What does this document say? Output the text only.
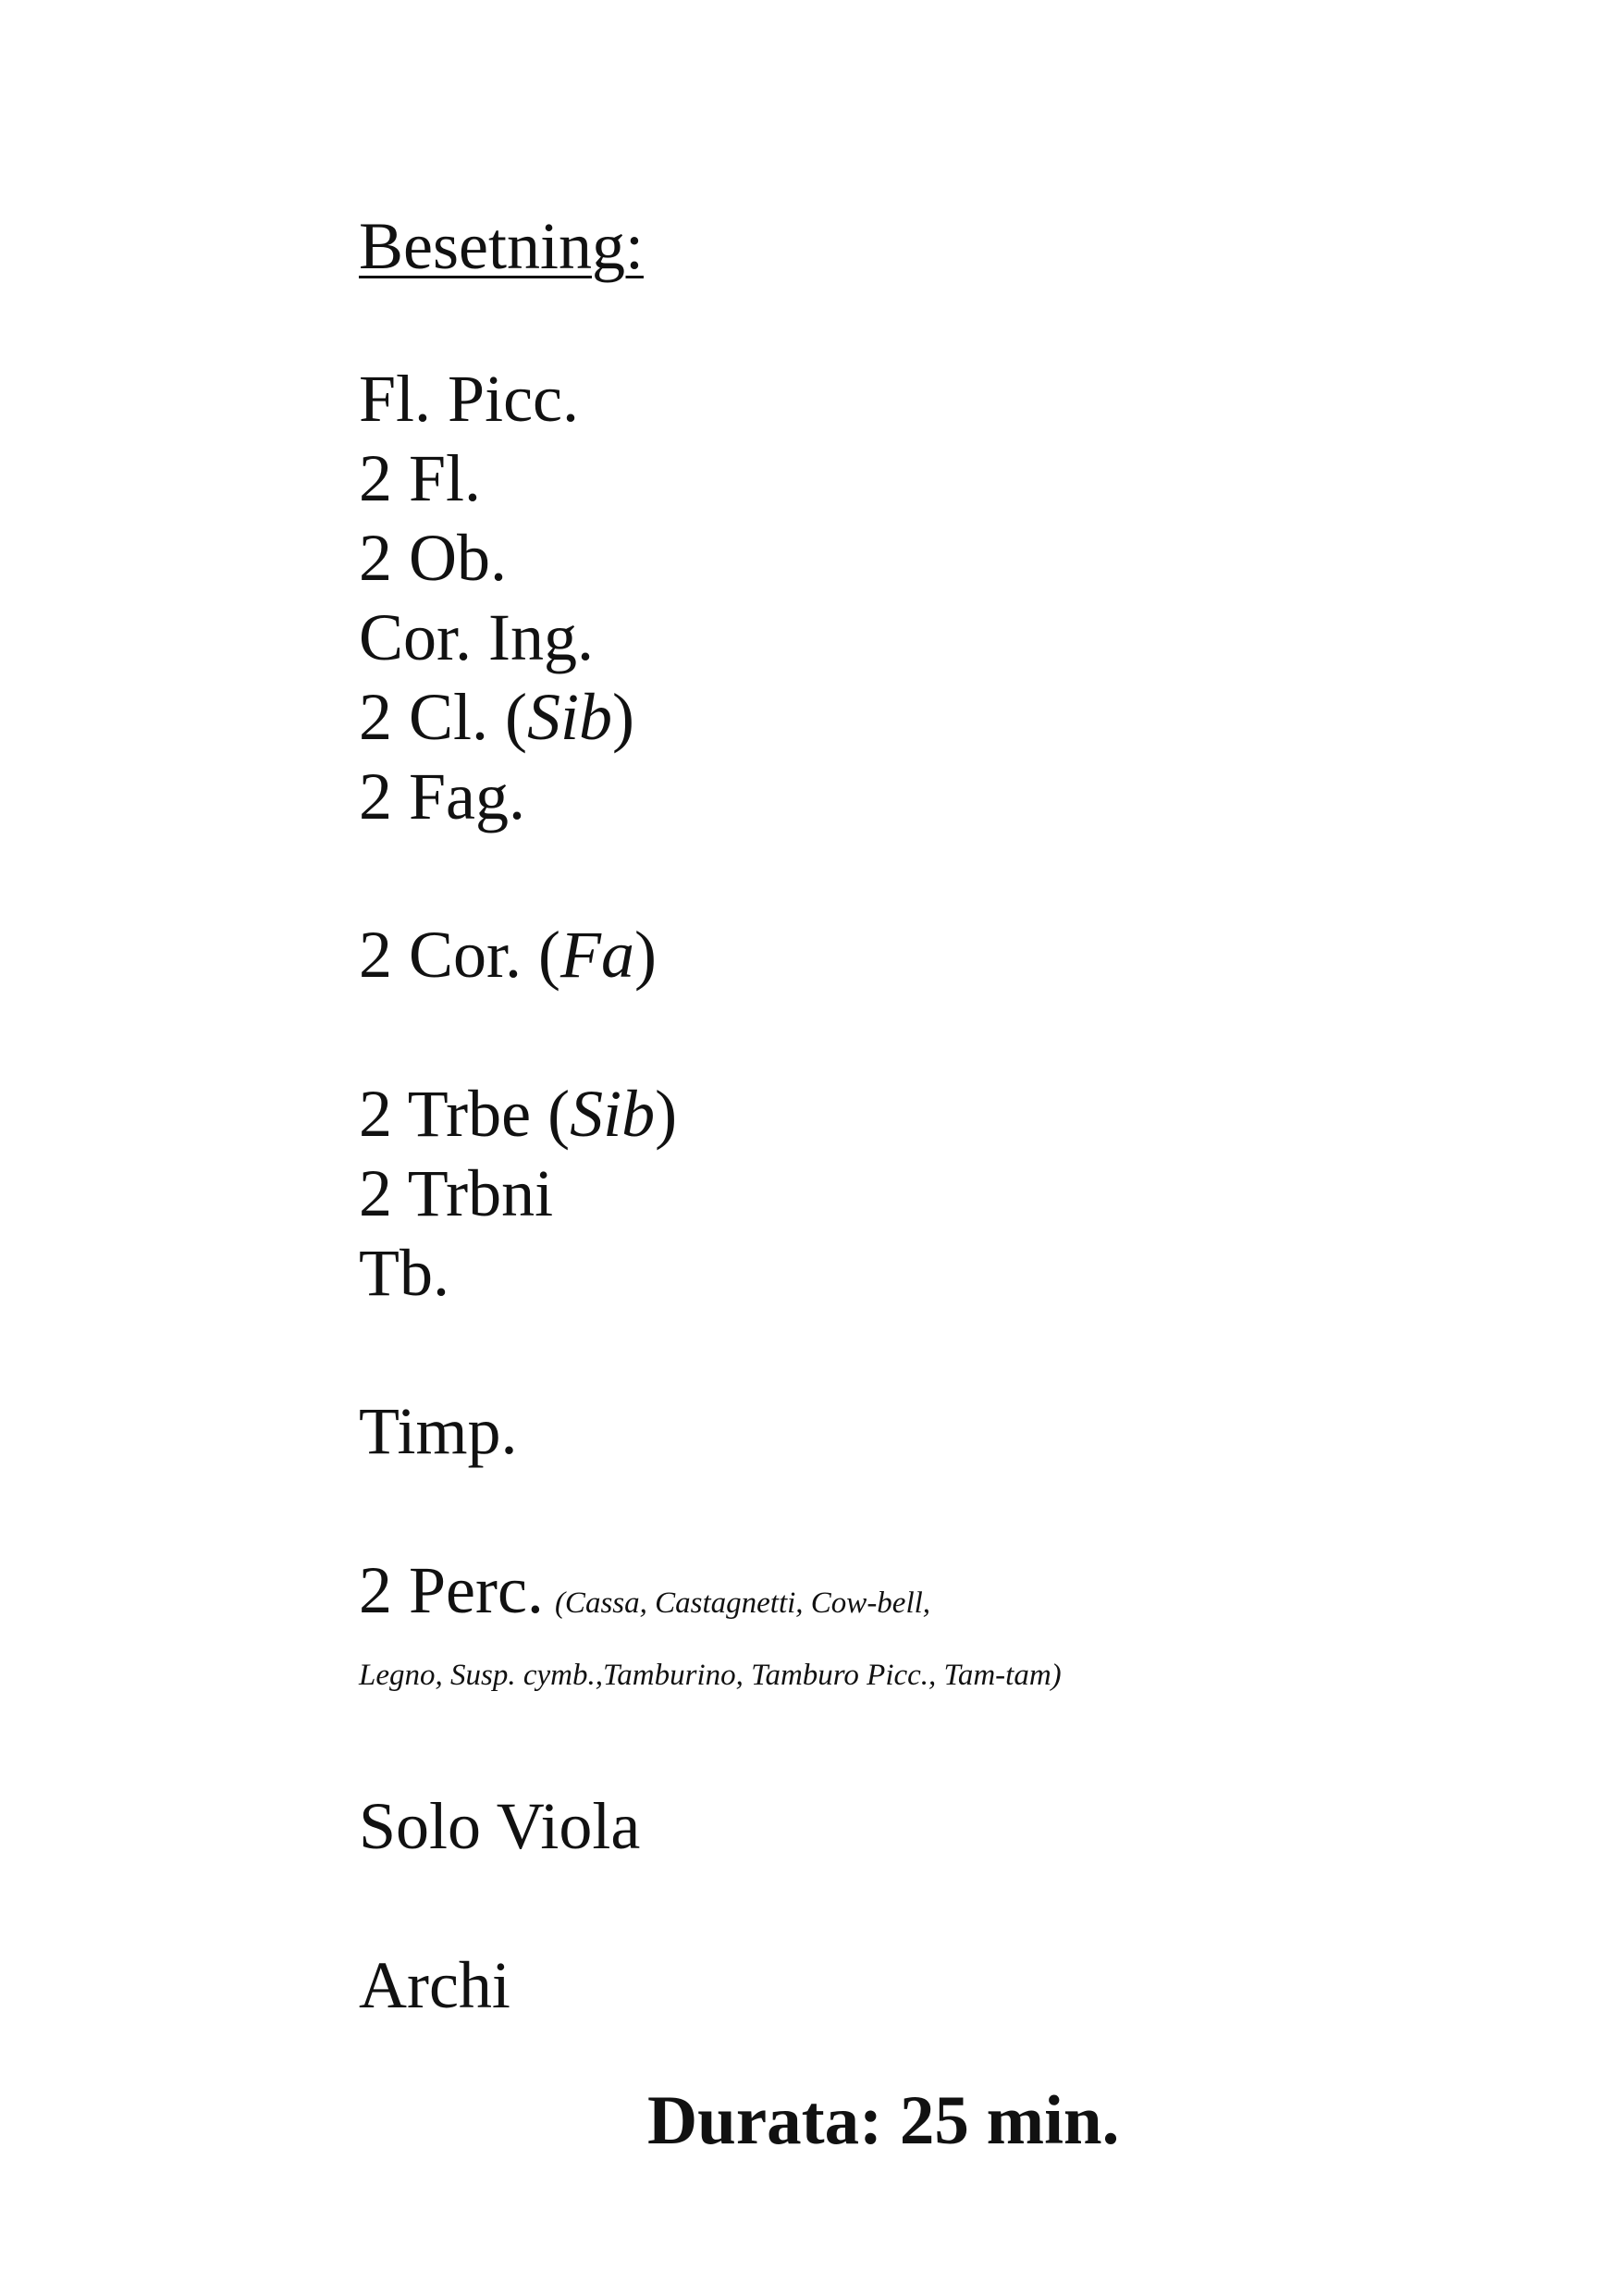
Besetning:
Fl. Picc.
2 Fl.
2 Ob.
Cor. Ing.
2 Cl. (Sib)
2 Fag.
2 Cor. (Fa)
2 Trbe (Sib)
2 Trbni
Tb.
Timp.
2 Perc. (Cassa, Castagnetti, Cow-bell,
Legno, Susp. cymb.,Tamburino, Tamburo Picc., Tam-tam)
Solo Viola
Archi
Durata: 25 min.
